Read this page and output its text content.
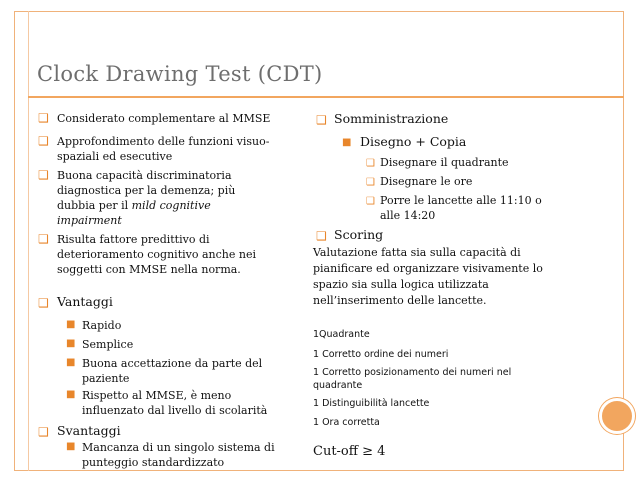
Clock Drawing Test (CDT)
❑ Considerato complementare al MMSE
❑ Approfondimento delle funzioni visuo-
spaziali ed esecutive
❑ Buona capacità discriminatoria
diagnostica per la demenza; più
dubbia per il mild cognitive
impairment
❑ Risulta fattore predittivo di
deterioramento cognitivo anche nei
soggetti con MMSE nella norma.
❑ Vantaggi
■ Rapido
■ Semplice
■ Buona accettazione da parte del
paziente
■ Rispetto al MMSE, è meno
influenzato dal livello di scolarità
❑ Svantaggi
■ Mancanza di un singolo sistema di
punteggio standardizzato
❑ Somministrazione
■ Disegno + Copia
❑ Disegnare il quadrante
❑ Disegnare le ore
❑ Porre le lancette alle 11:10 o
alle 14:20
❑ Scoring
Valutazione fatta sia sulla capacità di
pianificare ed organizzare visivamente lo
spazio sia sulla logica utilizzata
nell’inserimento delle lancette.
1Quadrante
1 Corretto ordine dei numeri
1 Corretto posizionamento dei numeri nel
quadrante
1 Distinguibilità lancette
1 Ora corretta
Cut-off ≥ 4
